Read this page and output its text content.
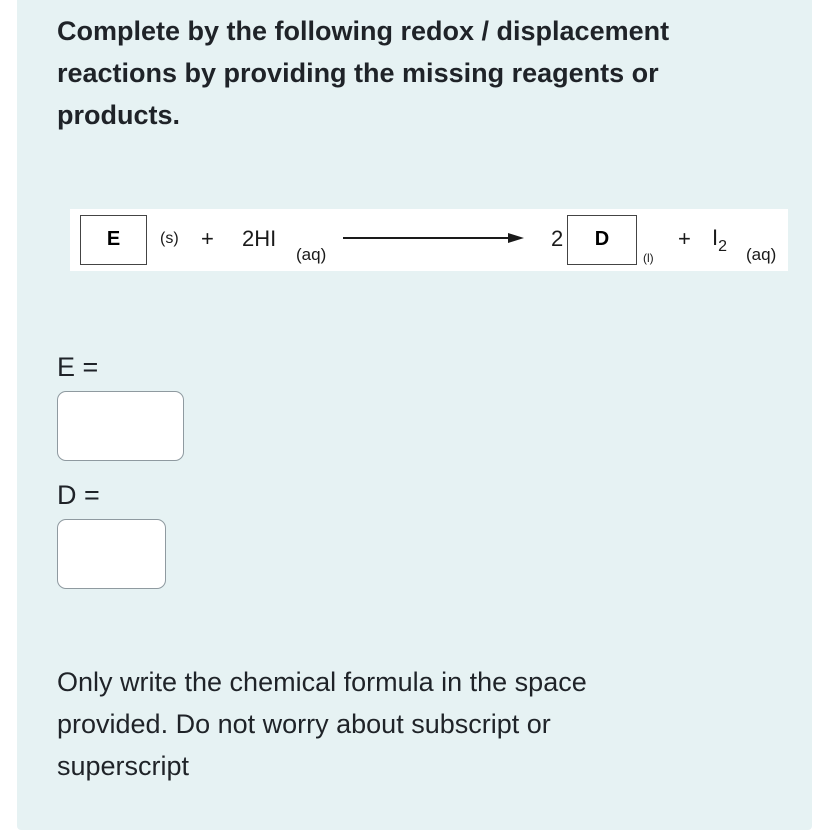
Complete by the following redox / displacement
reactions by providing the missing reagents or
products.
E	(s) + 2HI
(aq)
2	D
(l)
+ $I_2$ (aq)
E =
D =
Only write the chemical formula in the space
provided. Do not worry about subscript or
superscript
